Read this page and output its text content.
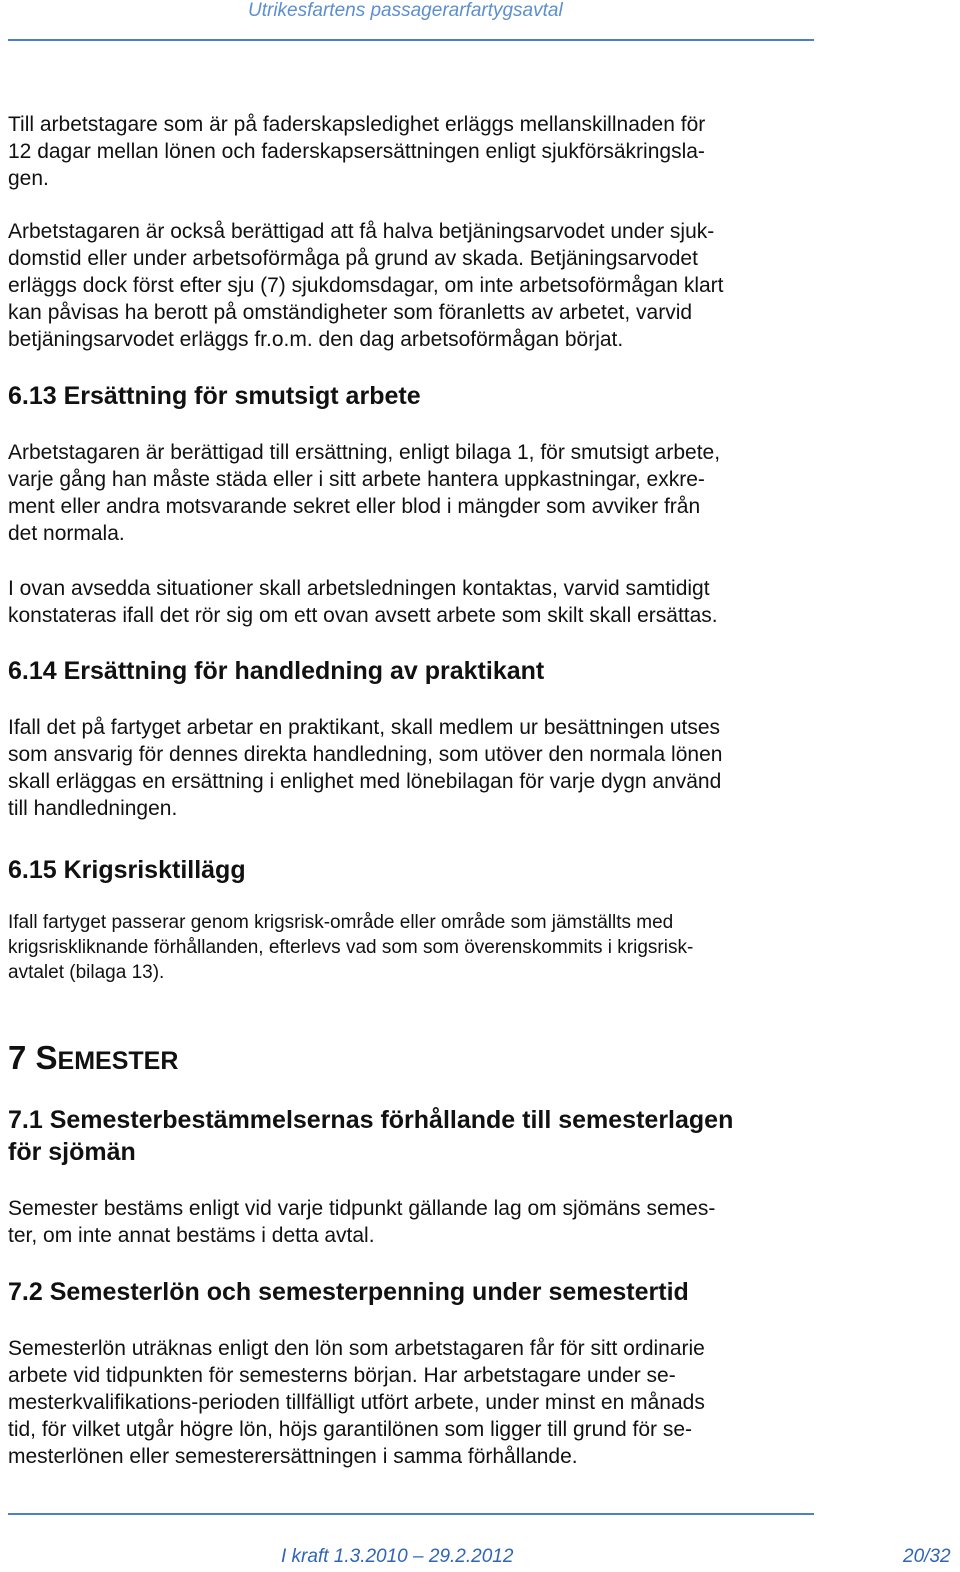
Utrikesfartens passagerarfartygsavtal
Till arbetstagare som är på faderskapsledighet erläggs mellanskillnaden för
12 dagar mellan lönen och faderskapsersättningen enligt sjukförsäkringsla-
gen.
Arbetstagaren är också berättigad att få halva betjäningsarvodet under sjuk-
domstid eller under arbetsoförmåga på grund av skada. Betjäningsarvodet
erläggs dock först efter sju (7) sjukdomsdagar, om inte arbetsoförmågan klart
kan påvisas ha berott på omständigheter som föranletts av arbetet, varvid
betjäningsarvodet erläggs fr.o.m. den dag arbetsoförmågan börjat.
6.13 Ersättning för smutsigt arbete
Arbetstagaren är berättigad till ersättning, enligt bilaga 1, för smutsigt arbete,
varje gång han måste städa eller i sitt arbete hantera uppkastningar, exkre-
ment eller andra motsvarande sekret eller blod i mängder som avviker från
det normala.
I ovan avsedda situationer skall arbetsledningen kontaktas, varvid samtidigt
konstateras ifall det rör sig om ett ovan avsett arbete som skilt skall ersättas.
6.14 Ersättning för handledning av praktikant
Ifall det på fartyget arbetar en praktikant, skall medlem ur besättningen utses
som ansvarig för dennes direkta handledning, som utöver den normala lönen
skall erläggas en ersättning i enlighet med lönebilagan för varje dygn använd
till handledningen.
6.15 Krigsrisktillägg
Ifall fartyget passerar genom krigsrisk-område eller område som jämställts med
krigsriskliknande förhållanden, efterlevs vad som som överenskommits i krigsrisk-
avtalet (bilaga 13).
7 SEMESTER
7.1 Semesterbestämmelsernas förhållande till semesterlagen
för sjömän
Semester bestäms enligt vid varje tidpunkt gällande lag om sjömäns semes-
ter, om inte annat bestäms i detta avtal.
7.2 Semesterlön och semesterpenning under semestertid
Semesterlön uträknas enligt den lön som arbetstagaren får för sitt ordinarie
arbete vid tidpunkten för semesterns början. Har arbetstagare under se-
mesterkvalifikations-perioden tillfälligt utfört arbete, under minst en månads
tid, för vilket utgår högre lön, höjs garantilönen som ligger till grund för se-
mesterlönen eller semesterersättningen i samma förhållande.
I kraft 1.3.2010 – 29.2.2012	20/32
